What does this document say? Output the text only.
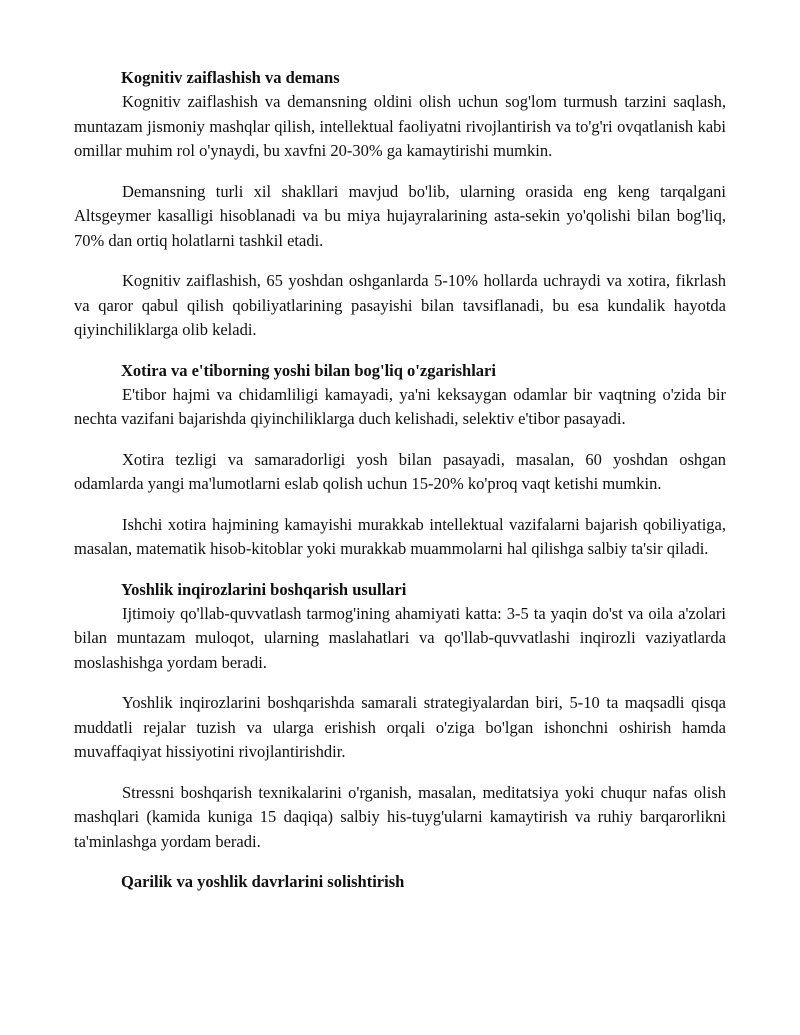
Kognitiv zaiflashish va demans

Kognitiv zaiflashish va demansning oldini olish uchun sog'lom turmush tarzini saqlash, muntazam jismoniy mashqlar qilish, intellektual faoliyatni rivojlantirish va to'g'ri ovqatlanish kabi omillar muhim rol o'ynaydi, bu xavfni 20-30% ga kamaytirishi mumkin.

Demansning turli xil shakllari mavjud bo'lib, ularning orasida eng keng tarqalgani Altsgeymer kasalligi hisoblanadi va bu miya hujayralarining asta-sekin yo'qolishi bilan bog'liq, 70% dan ortiq holatlarni tashkil etadi.

Kognitiv zaiflashish, 65 yoshdan oshganlarda 5-10% hollarda uchraydi va xotira, fikrlash va qaror qabul qilish qobiliyatlarining pasayishi bilan tavsiflanadi, bu esa kundalik hayotda qiyinchiliklarga olib keladi.

Xotira va e'tiborning yoshi bilan bog'liq o'zgarishlari

E'tibor hajmi va chidamliligi kamayadi, ya'ni keksaygan odamlar bir vaqtning o'zida bir nechta vazifani bajarishda qiyinchiliklarga duch kelishadi, selektiv e'tibor pasayadi.

Xotira tezligi va samaradorligi yosh bilan pasayadi, masalan, 60 yoshdan oshgan odamlarda yangi ma'lumotlarni eslab qolish uchun 15-20% ko'proq vaqt ketishi mumkin.

Ishchi xotira hajmining kamayishi murakkab intellektual vazifalarni bajarish qobiliyatiga, masalan, matematik hisob-kitoblar yoki murakkab muammolarni hal qilishga salbiy ta'sir qiladi.

Yoshlik inqirozlarini boshqarish usullari

Ijtimoiy qo'llab-quvvatlash tarmog'ining ahamiyati katta: 3-5 ta yaqin do'st va oila a'zolari bilan muntazam muloqot, ularning maslahatlari va qo'llab-quvvatlashi inqirozli vaziyatlarda moslashishga yordam beradi.

Yoshlik inqirozlarini boshqarishda samarali strategiyalardan biri, 5-10 ta maqsadli qisqa muddatli rejalar tuzish va ularga erishish orqali o'ziga bo'lgan ishonchni oshirish hamda muvaffaqiyat hissiyotini rivojlantirishdir.

Stressni boshqarish texnikalarini o'rganish, masalan, meditatsiya yoki chuqur nafas olish mashqlari (kamida kuniga 15 daqiqa) salbiy his-tuyg'ularni kamaytirish va ruhiy barqarorlikni ta'minlashga yordam beradi.

Qarilik va yoshlik davrlarini solishtirish
